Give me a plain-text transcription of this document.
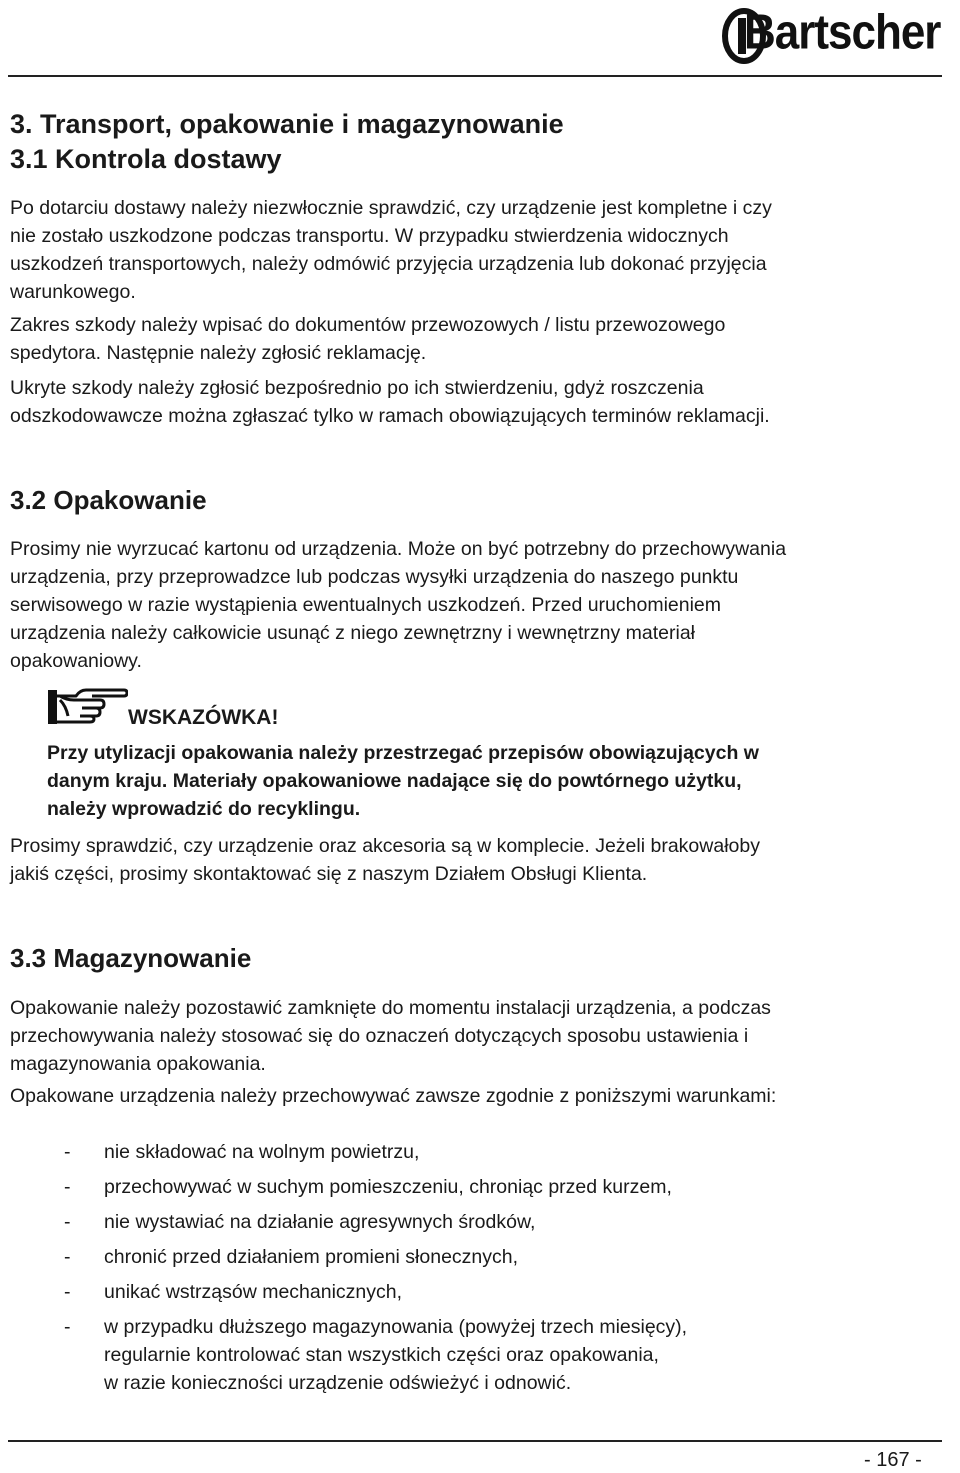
Bartscher
3. Transport, opakowanie i magazynowanie
3.1 Kontrola dostawy
Po dotarciu dostawy należy niezwłocznie sprawdzić, czy urządzenie jest kompletne i czy
nie zostało uszkodzone podczas transportu. W przypadku stwierdzenia widocznych
uszkodzeń transportowych, należy odmówić przyjęcia urządzenia lub dokonać przyjęcia
warunkowego.
Zakres szkody należy wpisać do dokumentów przewozowych / listu przewozowego
spedytora. Następnie należy zgłosić reklamację.
Ukryte szkody należy zgłosić bezpośrednio po ich stwierdzeniu, gdyż roszczenia
odszkodowawcze można zgłaszać tylko w ramach obowiązujących terminów reklamacji.
3.2 Opakowanie
Prosimy nie wyrzucać kartonu od urządzenia. Może on być potrzebny do przechowywania
urządzenia, przy przeprowadzce lub podczas wysyłki urządzenia do naszego punktu
serwisowego w razie wystąpienia ewentualnych uszkodzeń. Przed uruchomieniem
urządzenia należy całkowicie usunąć z niego zewnętrzny i wewnętrzny materiał
opakowaniowy.
WSKAZÓWKA!
Przy utylizacji opakowania należy przestrzegać przepisów obowiązujących w
danym kraju. Materiały opakowaniowe nadające się do powtórnego użytku,
należy wprowadzić do recyklingu.
Prosimy sprawdzić, czy urządzenie oraz akcesoria są w komplecie. Jeżeli brakowałoby
jakiś części, prosimy skontaktować się z naszym Działem Obsługi Klienta.
3.3 Magazynowanie
Opakowanie należy pozostawić zamknięte do momentu instalacji urządzenia, a podczas
przechowywania należy stosować się do oznaczeń dotyczących sposobu ustawienia i
magazynowania opakowania.
Opakowane urządzenia należy przechowywać zawsze zgodnie z poniższymi warunkami:
- nie składować na wolnym powietrzu,
- przechowywać w suchym pomieszczeniu, chroniąc przed kurzem,
- nie wystawiać na działanie agresywnych środków,
- chronić przed działaniem promieni słonecznych,
- unikać wstrząsów mechanicznych,
- w przypadku dłuższego magazynowania (powyżej trzech miesięcy),
regularnie kontrolować stan wszystkich części oraz opakowania,
w razie konieczności urządzenie odświeżyć i odnowić.
- 167 -
